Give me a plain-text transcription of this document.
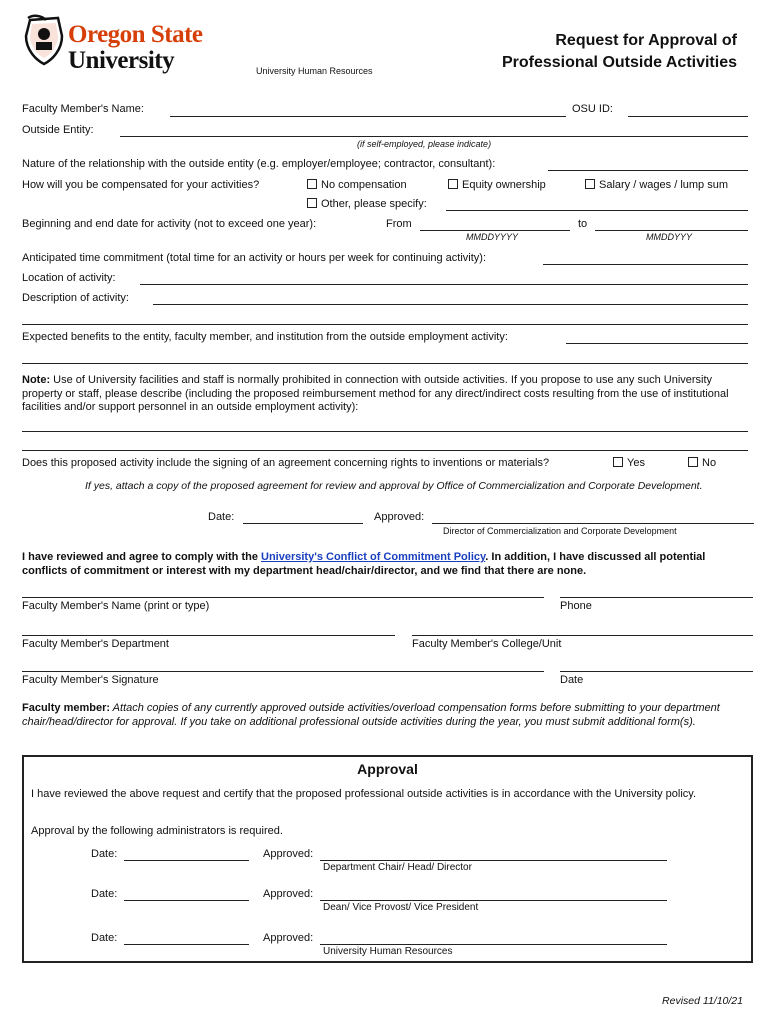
Oregon State
University	University Human Resources
Request for Approval of
Professional Outside Activities
Faculty Member's Name:	OSU ID:
Outside Entity:
(if self-employed, please indicate)
Nature of the relationship with the outside entity (e.g. employer/employee; contractor, consultant):
How will you be compensated for your activities?	No compensation	Equity ownership	Salary / wages / lump sum
Other, please specify:
Beginning and end date for activity (not to exceed one year):	From
MMDDYYYY
to
MMDDYYY
Anticipated time commitment (total time for an activity or hours per week for continuing activity):
Location of activity:
Description of activity:
Expected benefits to the entity, faculty member, and institution from the outside employment activity:
Note: Use of University facilities and staff is normally prohibited in connection with outside activities. If you propose to use any such University property or staff, please describe (including the proposed reimbursement method for any direct/indirect costs resulting from the use of institutional facilities and/or support personnel in an outside employment activity):
Does this proposed activity include the signing of an agreement concerning rights to inventions or materials?	Yes	No
If yes, attach a copy of the proposed agreement for review and approval by Office of Commercialization and Corporate Development.
Date:	Approved:
Director of Commercialization and Corporate Development
I have reviewed and agree to comply with the University's Conflict of Commitment Policy. In addition, I have discussed all potential conflicts of commitment or interest with my department head/chair/director, and we find that there are none.
Faculty Member's Name (print or type)	Phone
Faculty Member's Department	Faculty Member's College/Unit
Faculty Member's Signature	Date
Faculty member: Attach copies of any currently approved outside activities/overload compensation forms before submitting to your department chair/head/director for approval. If you take on additional professional outside activities during the year, you must submit additional form(s).
Approval
I have reviewed the above request and certify that the proposed professional outside activities is in accordance with the University policy.
Approval by the following administrators is required.
Date:	Approved:
Department Chair/ Head/ Director
Date:	Approved:
Dean/ Vice Provost/ Vice President
Date:	Approved:
University Human Resources
Revised 11/10/21
